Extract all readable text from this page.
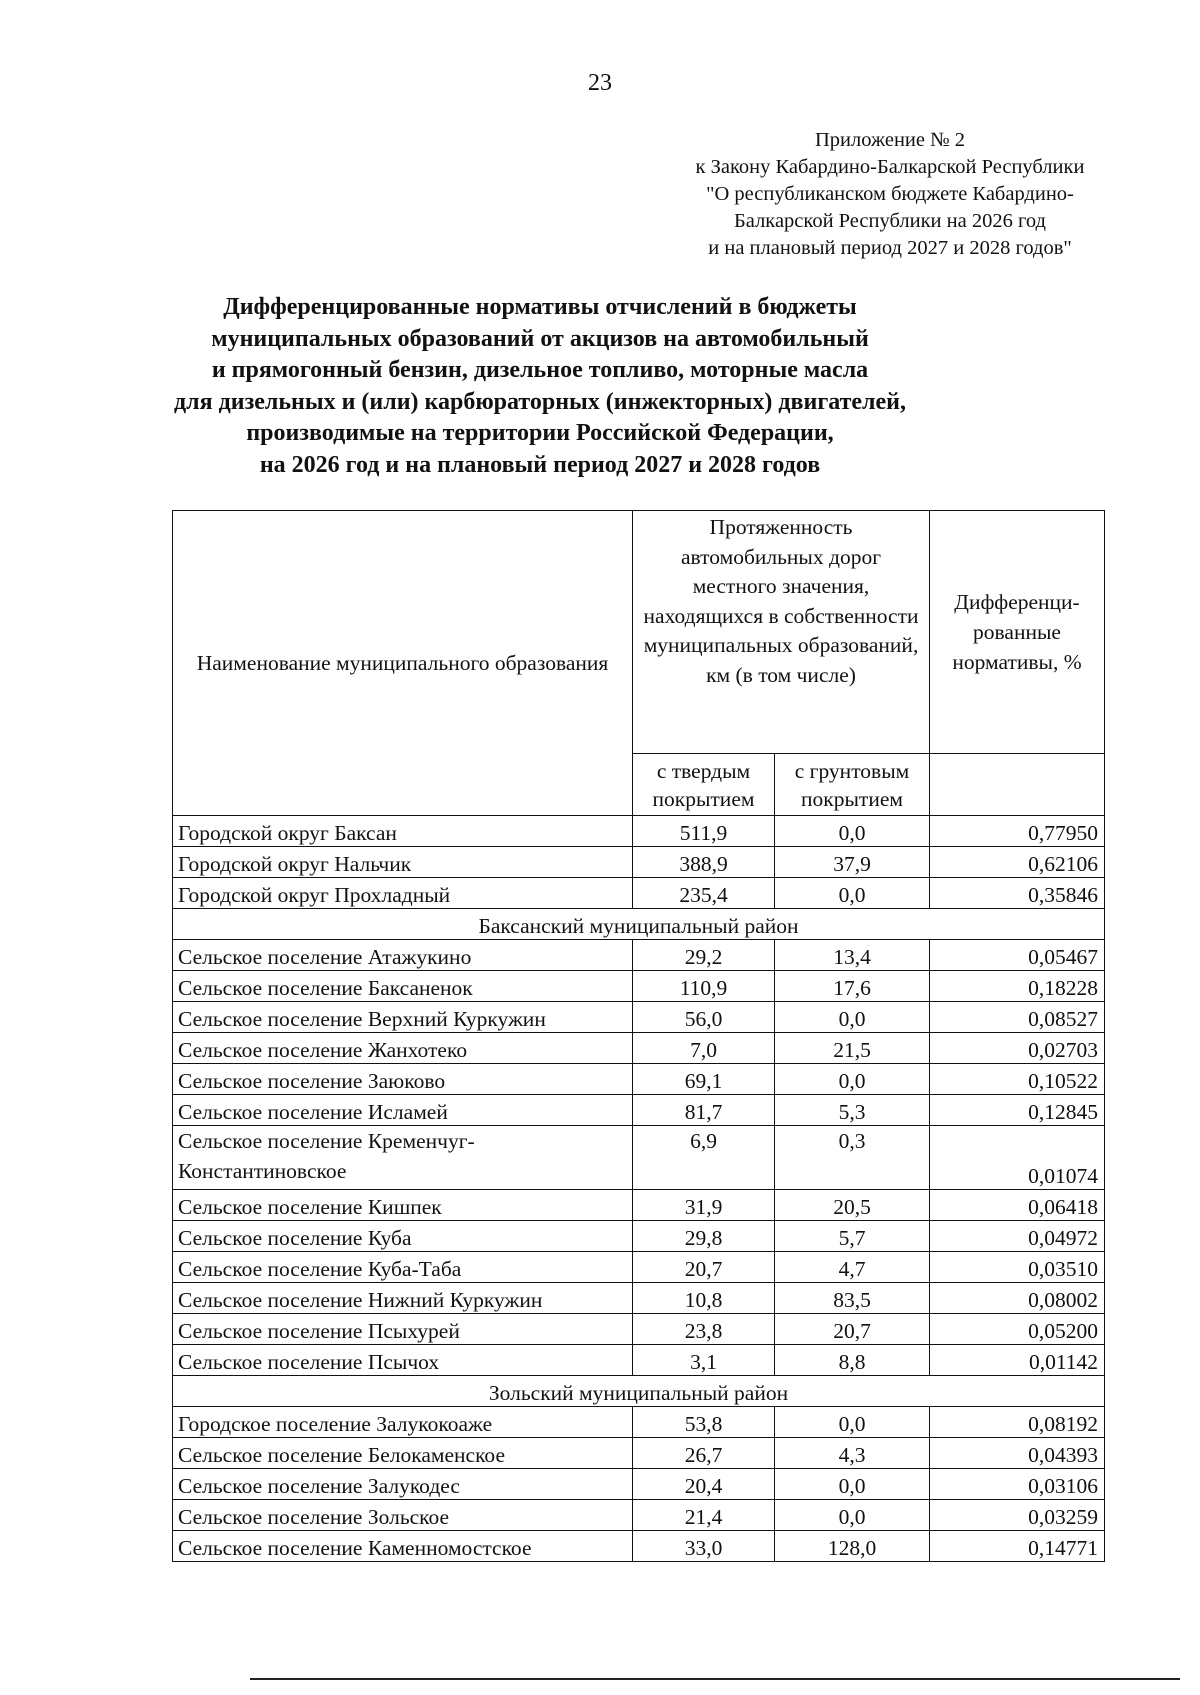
23
Приложение № 2
к Закону Кабардино-Балкарской Республики
"О республиканском бюджете Кабардино-
Балкарской Республики на 2026 год
и на плановый период 2027 и 2028 годов"
Дифференцированные нормативы отчислений в бюджеты
муниципальных образований от акцизов на автомобильный
и прямогонный бензин, дизельное топливо, моторные масла
для дизельных и (или) карбюраторных (инжекторных) двигателей,
производимые на территории Российской Федерации,
на 2026 год и на плановый период 2027 и 2028 годов
Наименование муниципального образования	Протяженность автомобильных дорог местного значения, находящихся в собственности муниципальных образований, км (в том числе)		Дифференци-рованные нормативы, %
	с твердым покрытием	с грунтовым покрытием	
Городской округ Баксан	511,9	0,0	0,77950
Городской округ Нальчик	388,9	37,9	0,62106
Городской округ Прохладный	235,4	0,0	0,35846
Баксанский муниципальный район			
Сельское поселение Атажукино	29,2	13,4	0,05467
Сельское поселение Баксаненок	110,9	17,6	0,18228
Сельское поселение Верхний Куркужин	56,0	0,0	0,08527
Сельское поселение Жанхотеко	7,0	21,5	0,02703
Сельское поселение Заюково	69,1	0,0	0,10522
Сельское поселение Исламей	81,7	5,3	0,12845
Сельское поселение Кременчуг-Константиновское	6,9	0,3	0,01074
Сельское поселение Кишпек	31,9	20,5	0,06418
Сельское поселение Куба	29,8	5,7	0,04972
Сельское поселение Куба-Таба	20,7	4,7	0,03510
Сельское поселение Нижний Куркужин	10,8	83,5	0,08002
Сельское поселение Псыхурей	23,8	20,7	0,05200
Сельское поселение Псычох	3,1	8,8	0,01142
Зольский муниципальный район			
Городское поселение Залукокоаже	53,8	0,0	0,08192
Сельское поселение Белокаменское	26,7	4,3	0,04393
Сельское поселение Залукодес	20,4	0,0	0,03106
Сельское поселение Зольское	21,4	0,0	0,03259
Сельское поселение Каменномостское	33,0	128,0	0,14771
